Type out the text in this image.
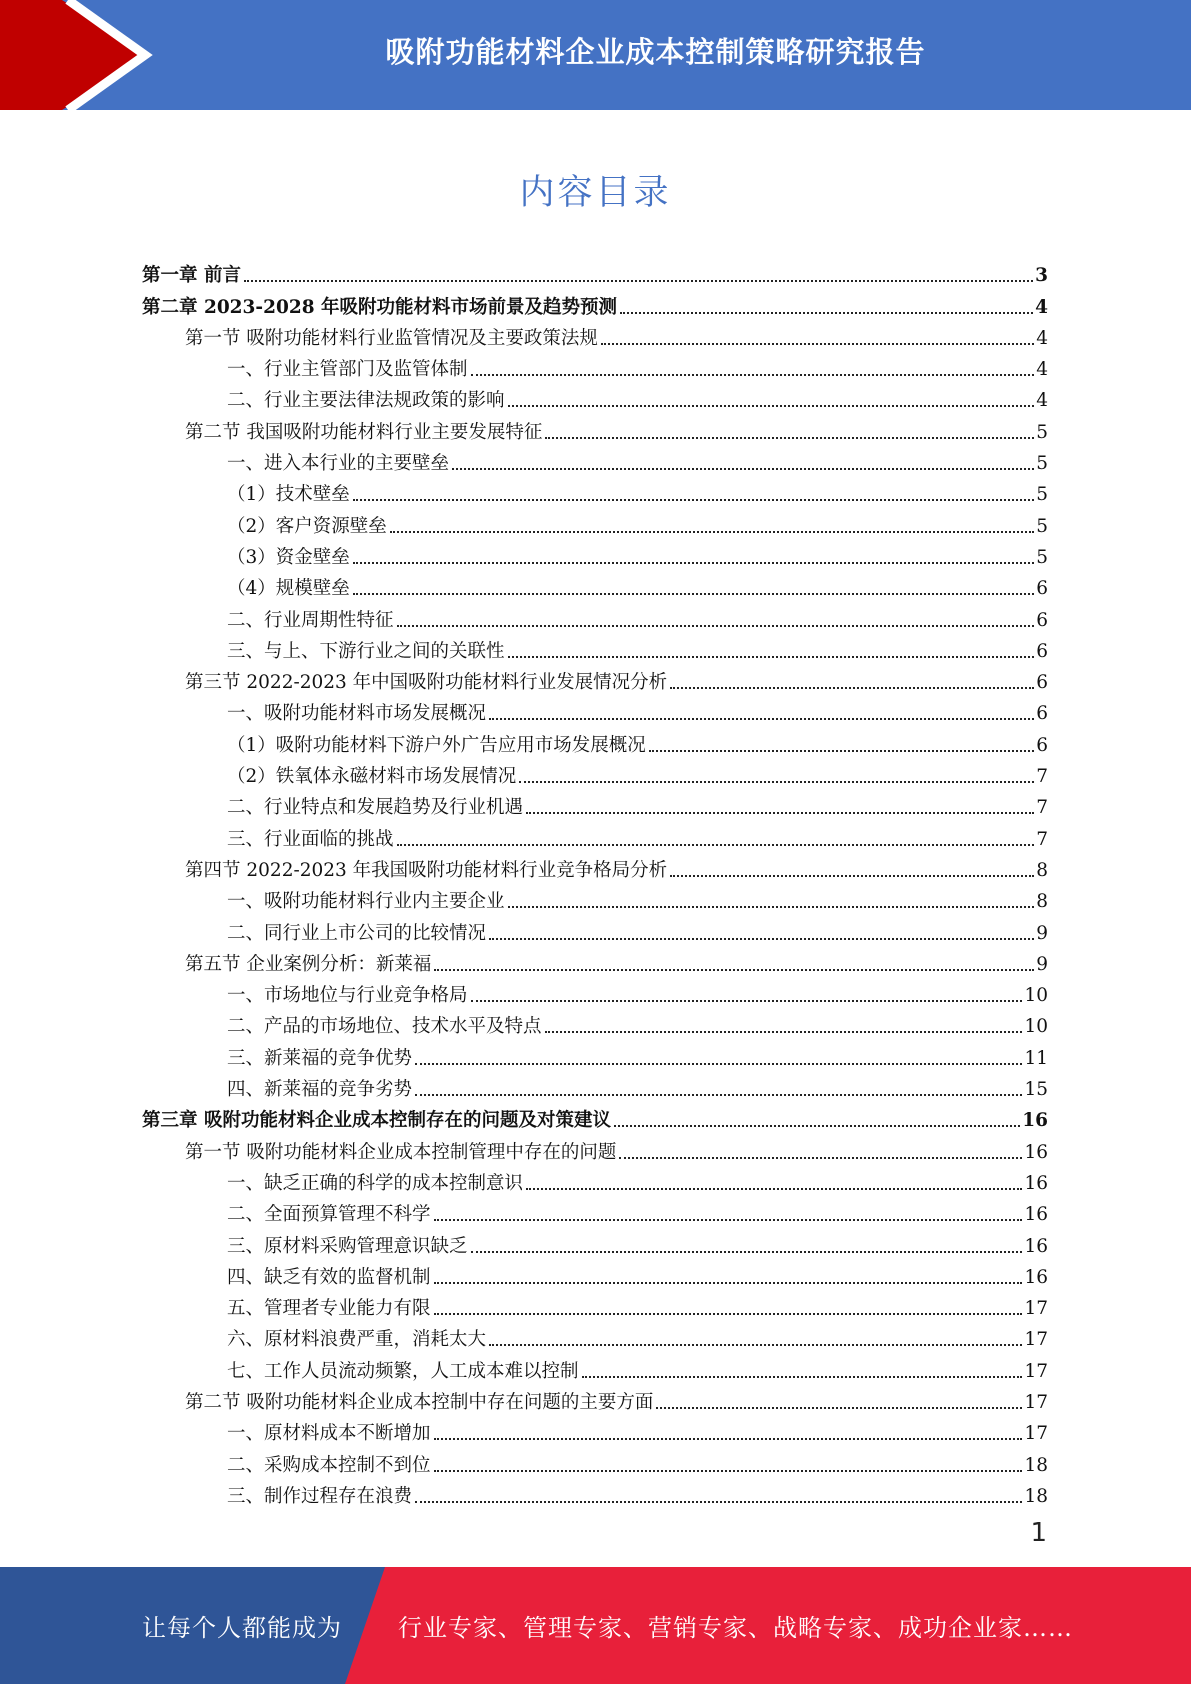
吸附功能材料企业成本控制策略研究报告
内容目录
第一章 前言	3
第二章 2023-2028 年吸附功能材料市场前景及趋势预测	4
第一节 吸附功能材料行业监管情况及主要政策法规	4
一、行业主管部门及监管体制	4
二、行业主要法律法规政策的影响	4
第二节 我国吸附功能材料行业主要发展特征	5
一、进入本行业的主要壁垒	5
（1）技术壁垒	5
（2）客户资源壁垒	5
（3）资金壁垒	5
（4）规模壁垒	6
二、行业周期性特征	6
三、与上、下游行业之间的关联性	6
第三节 2022-2023 年中国吸附功能材料行业发展情况分析	6
一、吸附功能材料市场发展概况	6
（1）吸附功能材料下游户外广告应用市场发展概况	6
（2）铁氧体永磁材料市场发展情况	7
二、行业特点和发展趋势及行业机遇	7
三、行业面临的挑战	7
第四节 2022-2023 年我国吸附功能材料行业竞争格局分析	8
一、吸附功能材料行业内主要企业	8
二、同行业上市公司的比较情况	9
第五节 企业案例分析：新莱福	9
一、市场地位与行业竞争格局	10
二、产品的市场地位、技术水平及特点	10
三、新莱福的竞争优势	11
四、新莱福的竞争劣势	15
第三章 吸附功能材料企业成本控制存在的问题及对策建议	16
第一节 吸附功能材料企业成本控制管理中存在的问题	16
一、缺乏正确的科学的成本控制意识	16
二、全面预算管理不科学	16
三、原材料采购管理意识缺乏	16
四、缺乏有效的监督机制	16
五、管理者专业能力有限	17
六、原材料浪费严重，消耗太大	17
七、工作人员流动频繁，人工成本难以控制	17
第二节 吸附功能材料企业成本控制中存在问题的主要方面	17
一、原材料成本不断增加	17
二、采购成本控制不到位	18
三、制作过程存在浪费	18
1
让每个人都能成为 行业专家、管理专家、营销专家、战略专家、成功企业家……
